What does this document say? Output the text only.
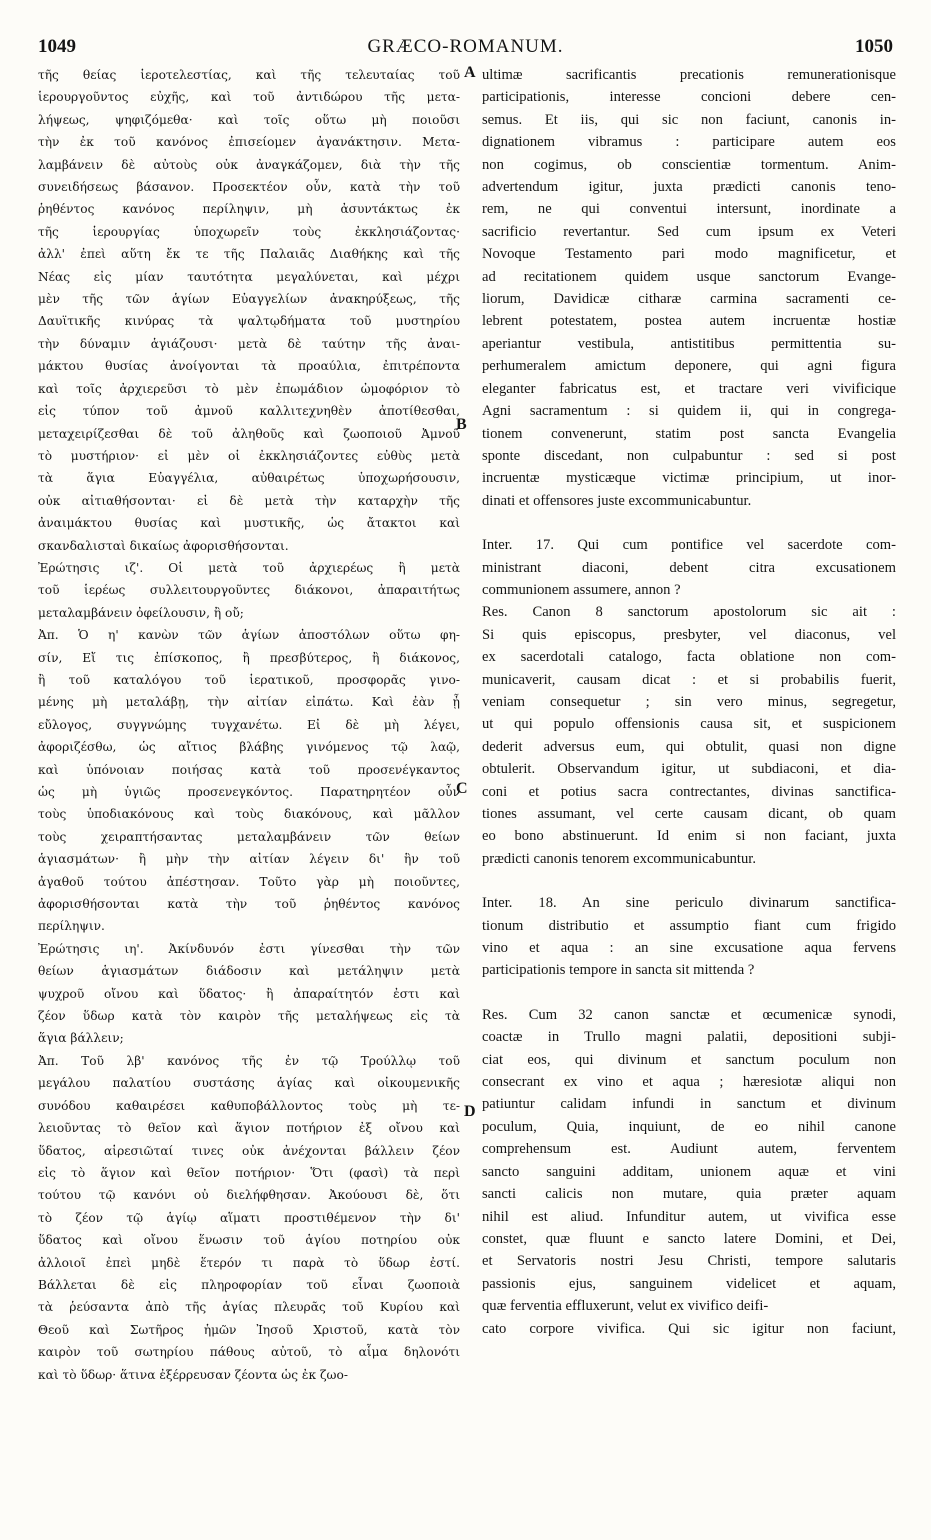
1049	GRÆCO-ROMANUM.	1050
A
B
C
D
τῆς θείας ἱεροτελεστίας, καὶ τῆς τελευταίας τοῦ
ἱερουργοῦντος εὐχῆς, καὶ τοῦ ἀντιδώρου τῆς μετα-
λήψεως, ψηφιζόμεθα· καὶ τοῖς οὕτω μὴ ποιοῦσι
τὴν ἐκ τοῦ κανόνος ἐπισείομεν ἀγανάκτησιν. Μετα-
λαμβάνειν δὲ αὐτοὺς οὐκ ἀναγκάζομεν, διὰ τὴν τῆς
συνειδήσεως βάσανον. Προσεκτέον οὖν, κατὰ τὴν τοῦ
ῥηθέντος κανόνος περίληψιν, μὴ ἀσυντάκτως ἐκ
τῆς ἱερουργίας ὑποχωρεῖν τοὺς ἐκκλησιάζοντας·
ἀλλ' ἐπεὶ αὕτη ἔκ τε τῆς Παλαιᾶς Διαθήκης καὶ τῆς
Νέας εἰς μίαν ταυτότητα μεγαλύνεται, καὶ μέχρι
μὲν τῆς τῶν ἁγίων Εὐαγγελίων ἀνακηρύξεως, τῆς
Δαυϊτικῆς κινύρας τὰ ψαλτῳδήματα τοῦ μυστηρίου
τὴν δύναμιν ἁγιάζουσι· μετὰ δὲ ταύτην τῆς ἀναι-
μάκτου θυσίας ἀνοίγονται τὰ προαύλια, ἐπιτρέποντα
καὶ τοῖς ἀρχιερεῦσι τὸ μὲν ἐπωμάδιον ὠμοφόριον τὸ
εἰς τύπον τοῦ ἀμνοῦ καλλιτεχνηθὲν ἀποτίθεσθαι,
μεταχειρίζεσθαι δὲ τοῦ ἀληθοῦς καὶ ζωοποιοῦ Ἀμνοῦ
τὸ μυστήριον· εἰ μὲν οἱ ἐκκλησιάζοντες εὐθὺς μετὰ
τὰ ἅγια Εὐαγγέλια, αὐθαιρέτως ὑποχωρήσουσιν,
οὐκ αἰτιαθήσονται· εἰ δὲ μετὰ τὴν καταρχὴν τῆς
ἀναιμάκτου θυσίας καὶ μυστικῆς, ὡς ἄτακτοι καὶ
σκανδαλισταὶ δικαίως ἀφορισθήσονται.
Ἐρώτησις ιζ'. Οἱ μετὰ τοῦ ἀρχιερέως ἢ μετὰ
τοῦ ἱερέως συλλειτουργοῦντες διάκονοι, ἀπαραιτήτως
μεταλαμβάνειν ὀφείλουσιν, ἢ οὔ;
Ἀπ. Ὁ η' κανὼν τῶν ἁγίων ἀποστόλων οὕτω φη-
σίν, Εἴ τις ἐπίσκοπος, ἢ πρεσβύτερος, ἢ διάκονος,
ἢ τοῦ καταλόγου τοῦ ἱερατικοῦ, προσφορᾶς γινο-
μένης μὴ μεταλάβῃ, τὴν αἰτίαν εἰπάτω. Καὶ ἐὰν ᾖ
εὔλογος, συγγνώμης τυγχανέτω. Εἰ δὲ μὴ λέγει,
ἀφοριζέσθω, ὡς αἴτιος βλάβης γινόμενος τῷ λαῷ,
καὶ ὑπόνοιαν ποιήσας κατὰ τοῦ προσενέγκαντος
ὡς μὴ ὑγιῶς προσενεγκόντος. Παρατηρητέον οὖν
τοὺς ὑποδιακόνους καὶ τοὺς διακόνους, καὶ μᾶλλον
τοὺς χειραπτήσαντας μεταλαμβάνειν τῶν θείων
ἁγιασμάτων· ἢ μὴν τὴν αἰτίαν λέγειν δι' ἣν τοῦ
ἀγαθοῦ τούτου ἀπέστησαν. Τοῦτο γὰρ μὴ ποιοῦντες,
ἀφορισθήσονται κατὰ τὴν τοῦ ῥηθέντος κανόνος
περίληψιν.
Ἐρώτησις ιη'. Ἀκίνδυνόν ἐστι γίνεσθαι τὴν τῶν
θείων ἁγιασμάτων διάδοσιν καὶ μετάληψιν μετὰ
ψυχροῦ οἴνου καὶ ὕδατος· ἢ ἀπαραίτητόν ἐστι καὶ
ζέον ὕδωρ κατὰ τὸν καιρὸν τῆς μεταλήψεως εἰς τὰ
ἅγια βάλλειν;
Ἀπ. Τοῦ λβ' κανόνος τῆς ἐν τῷ Τρούλλῳ τοῦ
μεγάλου παλατίου συστάσης ἁγίας καὶ οἰκουμενικῆς
συνόδου καθαιρέσει καθυποβάλλοντος τοὺς μὴ τε-
λειοῦντας τὸ θεῖον καὶ ἅγιον ποτήριον ἐξ οἴνου καὶ
ὕδατος, αἱρεσιῶταί τινες οὐκ ἀνέχονται βάλλειν ζέον
εἰς τὸ ἅγιον καὶ θεῖον ποτήριον· Ὅτι (φασὶ) τὰ περὶ
τούτου τῷ κανόνι οὐ διελήφθησαν. Ἀκούουσι δὲ, ὅτι
τὸ ζέον τῷ ἁγίῳ αἵματι προστιθέμενον τὴν δι'
ὕδατος καὶ οἴνου ἕνωσιν τοῦ ἁγίου ποτηρίου οὐκ
ἀλλοιοῖ ἐπεὶ μηδὲ ἕτερόν τι παρὰ τὸ ὕδωρ ἐστί.
Βάλλεται δὲ εἰς πληροφορίαν τοῦ εἶναι ζωοποιὰ
τὰ ῥεύσαντα ἀπὸ τῆς ἁγίας πλευρᾶς τοῦ Κυρίου καὶ
Θεοῦ καὶ Σωτῆρος ἡμῶν Ἰησοῦ Χριστοῦ, κατὰ τὸν
καιρὸν τοῦ σωτηρίου πάθους αὐτοῦ, τὸ αἷμα δηλονότι
καὶ τὸ ὕδωρ· ἅτινα ἐξέρρευσαν ζέοντα ὡς ἐκ ζωο-
ultimæ sacrificantis precationis remunerationisque
participationis, interesse concioni debere cen-
semus. Et iis, qui sic non faciunt, canonis in-
dignationem vibramus : participare autem eos
non cogimus, ob conscientiæ tormentum. Anim-
advertendum igitur, juxta prædicti canonis teno-
rem, ne qui conventui intersunt, inordinate a
sacrificio revertantur. Sed cum ipsum ex Veteri
Novoque Testamento pari modo magnificetur, et
ad recitationem quidem usque sanctorum Evange-
liorum, Davidicæ citharæ carmina sacramenti ce-
lebrent potestatem, postea autem incruentæ hostiæ
aperiantur vestibula, antistitibus permittentia su-
perhumeralem amictum deponere, qui agni figura
eleganter fabricatus est, et tractare veri vivificique
Agni sacramentum : si quidem ii, qui in congrega-
tionem convenerunt, statim post sancta Evangelia
sponte discedant, non culpabuntur : sed si post
incruentæ mysticæque victimæ principium, ut inor-
dinati et offensores juste excommunicabuntur.
Inter. 17. Qui cum pontifice vel sacerdote com-
ministrant diaconi, debent citra excusationem
communionem assumere, annon ?
Res. Canon 8 sanctorum apostolorum sic ait :
Si quis episcopus, presbyter, vel diaconus, vel
ex sacerdotali catalogo, facta oblatione non com-
municaverit, causam dicat : et si probabilis fuerit,
veniam consequetur ; sin vero minus, segregetur,
ut qui populo offensionis causa sit, et suspicionem
dederit adversus eum, qui obtulit, quasi non digne
obtulerit. Observandum igitur, ut subdiaconi, et dia-
coni et potius sacra contrectantes, divinas sanctifica-
tiones assumant, vel certe causam dicant, ob quam
eo bono abstinuerunt. Id enim si non faciant, juxta
prædicti canonis tenorem excommunicabuntur.
Inter. 18. An sine periculo divinarum sanctifica-
tionum distributio et assumptio fiant cum frigido
vino et aqua : an sine excusatione aqua fervens
participationis tempore in sancta sit mittenda ?
Res. Cum 32 canon sanctæ et œcumenicæ synodi,
coactæ in Trullo magni palatii, depositioni subji-
ciat eos, qui divinum et sanctum poculum non
consecrant ex vino et aqua ; hæresiotæ aliqui non
patiuntur calidam infundi in sanctum et divinum
poculum, Quia, inquiunt, de eo nihil canone
comprehensum est. Audiunt autem, ferventem
sancto sanguini additam, unionem aquæ et vini
sancti calicis non mutare, quia præter aquam
nihil est aliud. Infunditur autem, ut vivifica esse
constet, quæ fluunt e sancto latere Domini, et Dei,
et Servatoris nostri Jesu Christi, tempore salutaris
passionis ejus, sanguinem videlicet et aquam,
quæ ferventia effluxerunt, velut ex vivifico deifi-
cato corpore vivifica. Qui sic igitur non faciunt,
